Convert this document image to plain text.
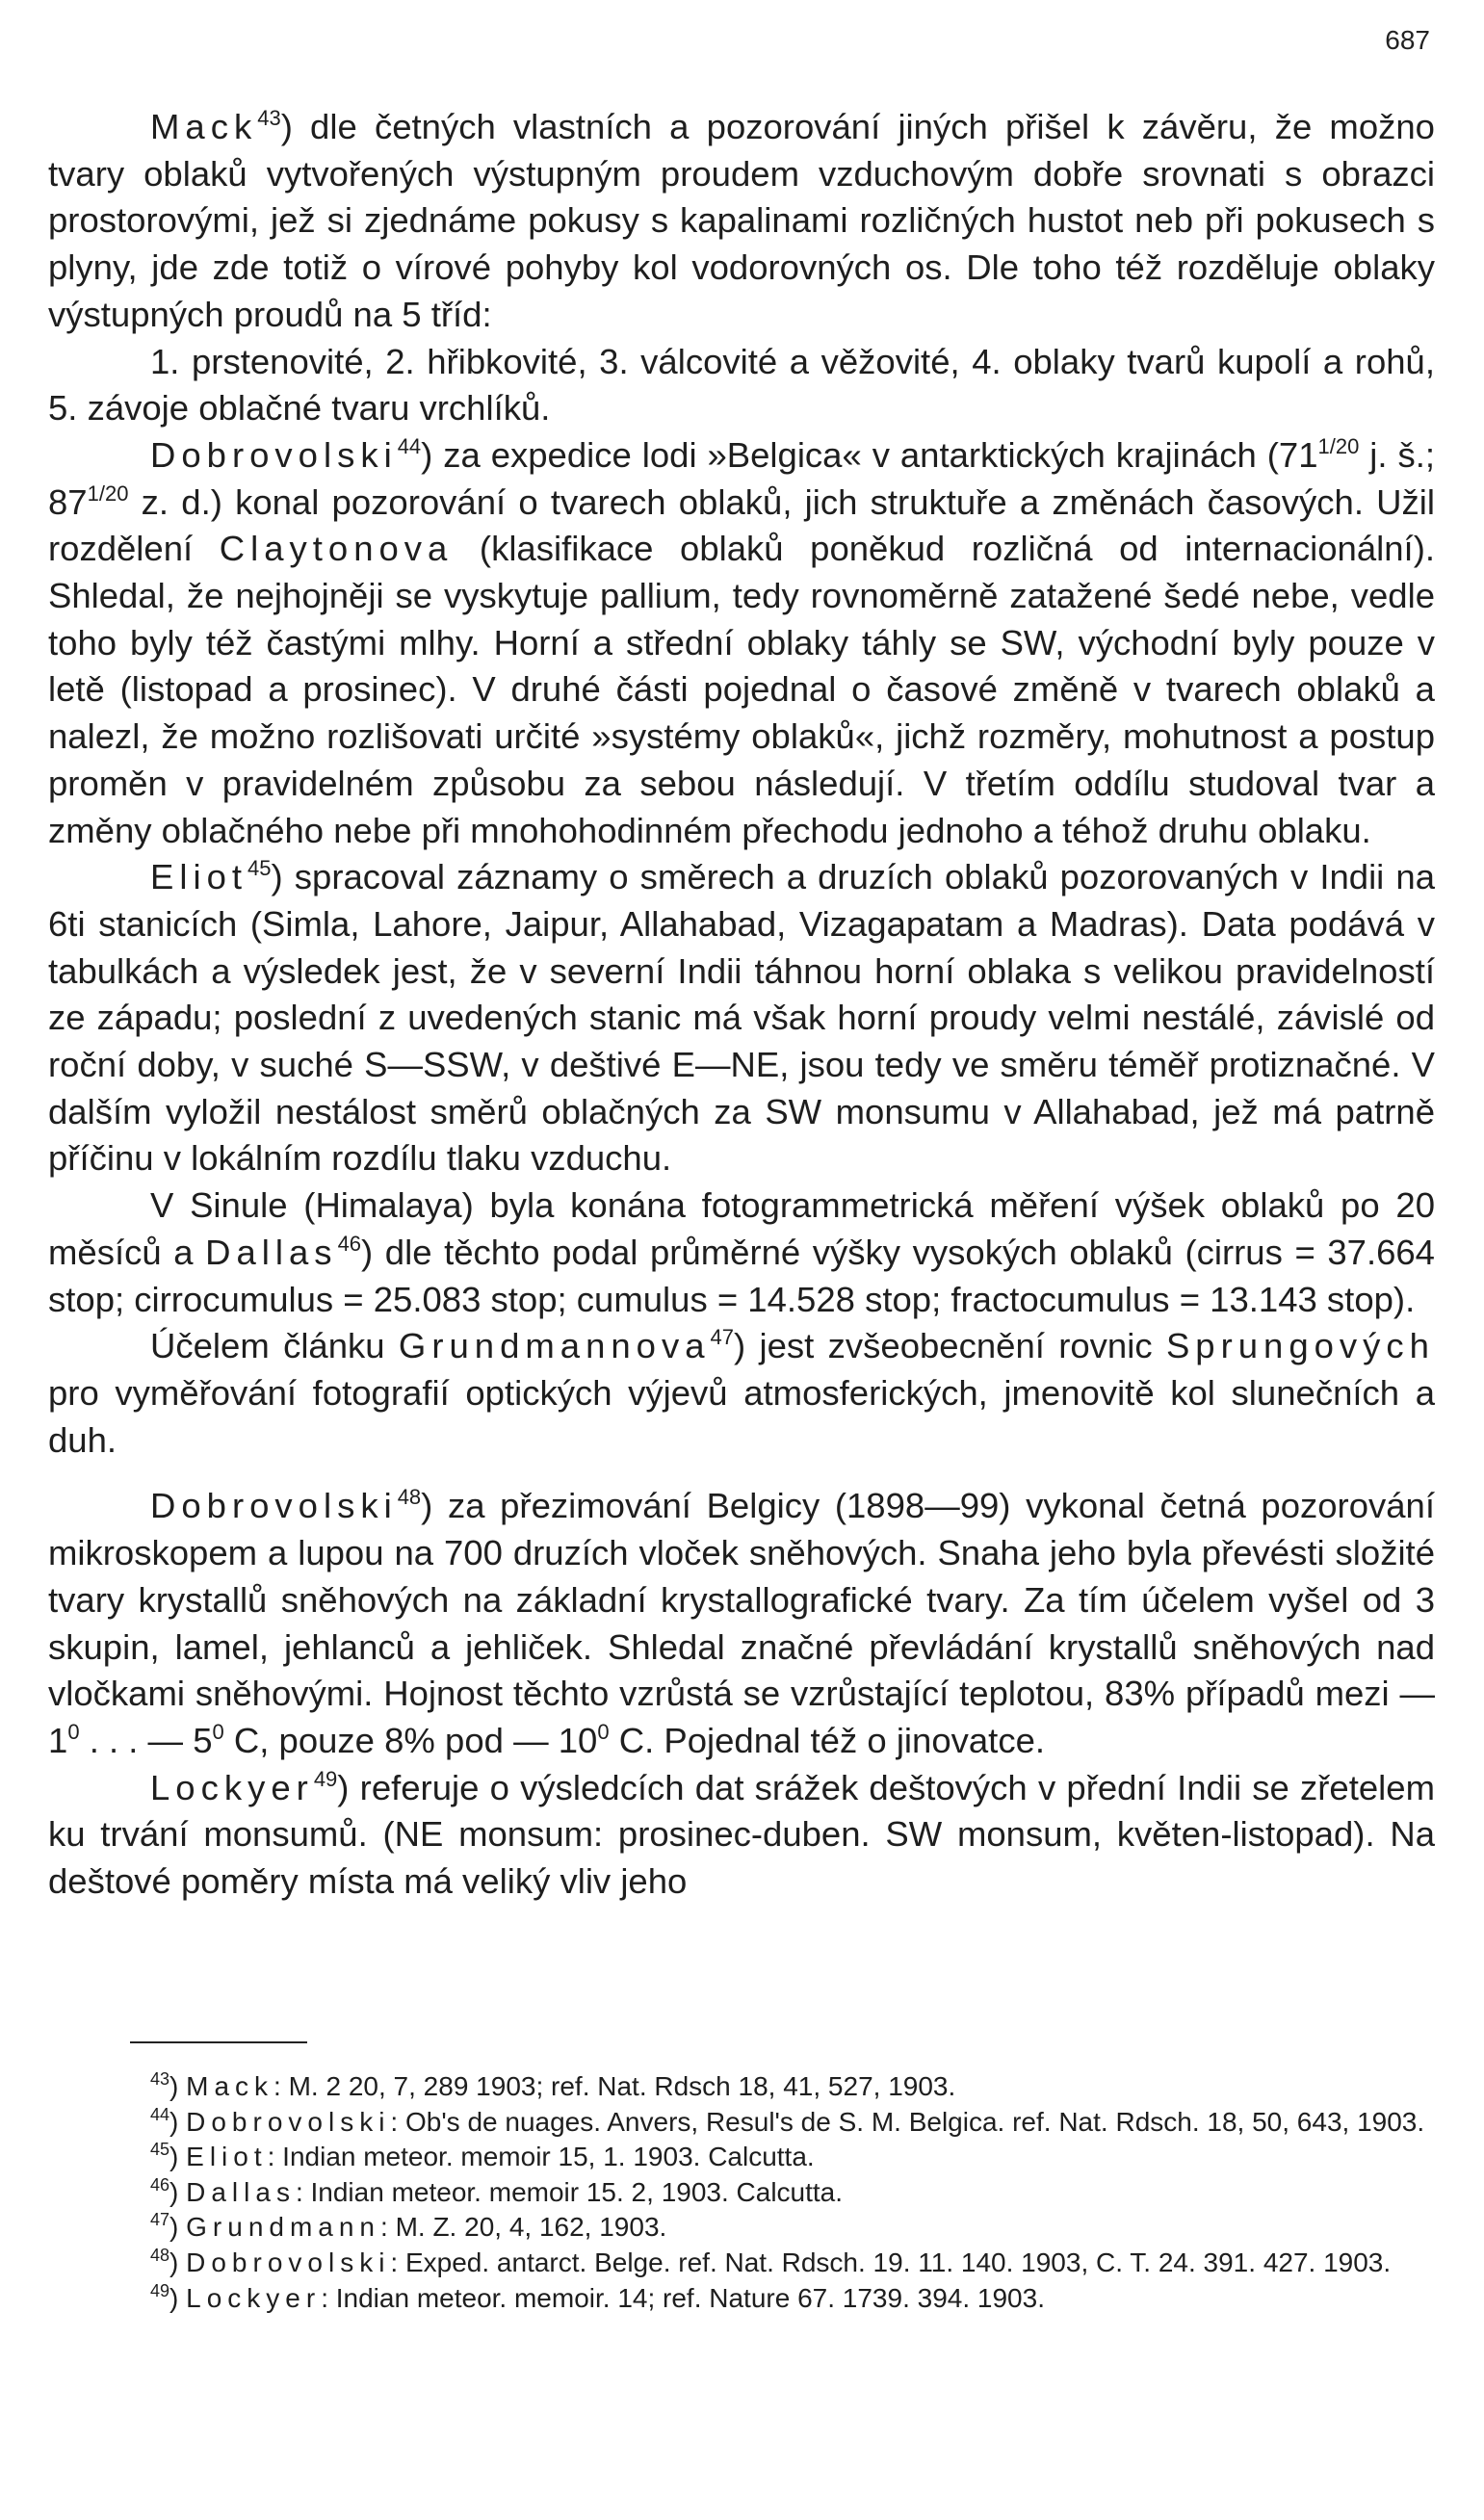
687

Mack$^{43}$) dle četných vlastních a pozorování jiných přišel k závěru, že možno tvary oblaků vytvořených výstupným proudem vzduchovým dobře srovnati s obrazci prostorovými, jež si zjednáme pokusy s kapalinami rozličných hustot neb při pokusech s plyny, jde zde totiž o vírové pohyby kol vodorovných os. Dle toho též rozděluje oblaky výstupných proudů na 5 tříd:

1. prstenovité, 2. hřibkovité, 3. válcovité a věžovité, 4. oblaky tvarů kupolí a rohů, 5. závoje oblačné tvaru vrchlíků.

Dobrovolski$^{44}$) za expedice lodi »Belgica« v antarktických krajinách ($71^{1/20}$ j. š.; $87^{1/20}$ z. d.) konal pozorování o tvarech oblaků, jich struktuře a změnách časových. Užil rozdělení Claytonova (klasifikace oblaků poněkud rozličná od internacionální). Shledal, že nejhojněji se vyskytuje pallium, tedy rovnoměrně zatažené šedé nebe, vedle toho byly též častými mlhy. Horní a střední oblaky táhly se SW, východní byly pouze v letě (listopad a prosinec). V druhé části pojednal o časové změně v tvarech oblaků a nalezl, že možno rozlišovati určité »systémy oblaků«, jichž rozměry, mohutnost a postup proměn v pravidelném způsobu za sebou následují. V třetím oddílu studoval tvar a změny oblačného nebe při mnohohodinném přechodu jednoho a téhož druhu oblaku.

Eliot$^{45}$) spracoval záznamy o směrech a druzích oblaků pozorovaných v Indii na 6ti stanicích (Simla, Lahore, Jaipur, Allahabad, Vizagapatam a Madras). Data podává v tabulkách a výsledek jest, že v severní Indii táhnou horní oblaka s velikou pravidelností ze západu; poslední z uvedených stanic má však horní proudy velmi nestálé, závislé od roční doby, v suché S—SSW, v deštivé E—NE, jsou tedy ve směru téměř protiznačné. V dalším vyložil nestálost směrů oblačných za SW monsumu v Allahabad, jež má patrně příčinu v lokálním rozdílu tlaku vzduchu.

V Sinule (Himalaya) byla konána fotogrammetrická měření výšek oblaků po 20 měsíců a Dallas$^{46}$) dle těchto podal průměrné výšky vysokých oblaků (cirrus = 37.664 stop; cirrocumulus = 25.083 stop; cumulus = 14.528 stop; fractocumulus = 13.143 stop).

Účelem článku Grundmannova$^{47}$) jest zvšeobecnění rovnic Sprungových pro vyměřování fotografií optických výjevů atmosferických, jmenovitě kol slunečních a duh.

Dobrovolski$^{48}$) za přezimování Belgicy (1898—99) vykonal četná pozorování mikroskopem a lupou na 700 druzích vloček sněhových. Snaha jeho byla převésti složité tvary krystallů sněhových na základní krystallografické tvary. Za tím účelem vyšel od 3 skupin, lamel, jehlanců a jehliček. Shledal značné převládání krystallů sněhových nad vločkami sněhovými. Hojnost těchto vzrůstá se vzrůstající teplotou, 83% případů mezi — $1^0$ . . . — $5^0$ C, pouze 8% pod — $10^0$ C. Pojednal též o jinovatce.

Lockyer$^{49}$) referuje o výsledcích dat srážek deštových v přední Indii se zřetelem ku trvání monsumů. (NE monsum: prosinec-duben. SW monsum, květen-listopad). Na deštové poměry místa má veliký vliv jeho

$^{43}$) Mack: M. 2 20, 7, 289 1903; ref. Nat. Rdsch 18, 41, 527, 1903.

$^{44}$) Dobrovolski: Ob's de nuages. Anvers, Resul's de S. M. Belgica. ref. Nat. Rdsch. 18, 50, 643, 1903.

$^{45}$) Eliot: Indian meteor. memoir 15, 1. 1903. Calcutta.

$^{46}$) Dallas: Indian meteor. memoir 15. 2, 1903. Calcutta.

$^{47}$) Grundmann: M. Z. 20, 4, 162, 1903.

$^{48}$) Dobrovolski: Exped. antarct. Belge. ref. Nat. Rdsch. 19. 11. 140. 1903, C. T. 24. 391. 427. 1903.

$^{49}$) Lockyer: Indian meteor. memoir. 14; ref. Nature 67. 1739. 394. 1903.
